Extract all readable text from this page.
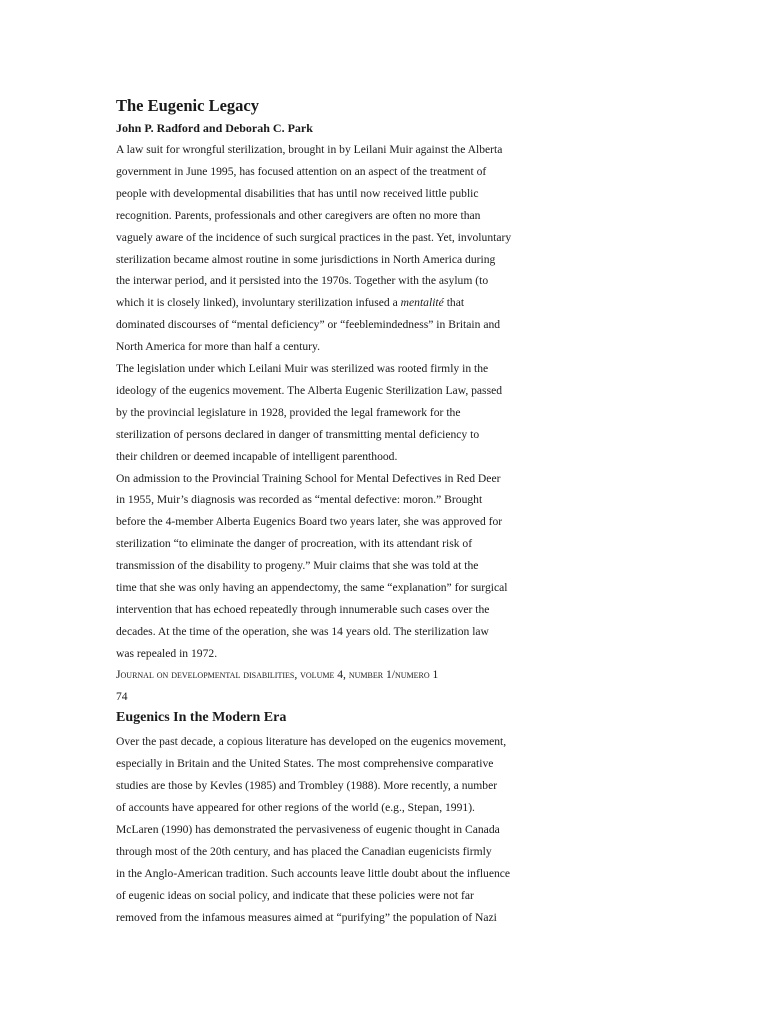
The Eugenic Legacy
John P. Radford and Deborah C. Park
A law suit for wrongful sterilization, brought in by Leilani Muir against the Alberta
government in June 1995, has focused attention on an aspect of the treatment of
people with developmental disabilities that has until now received little public
recognition. Parents, professionals and other caregivers are often no more than
vaguely aware of the incidence of such surgical practices in the past. Yet, involuntary
sterilization became almost routine in some jurisdictions in North America during
the interwar period, and it persisted into the 1970s. Together with the asylum (to
which it is closely linked), involuntary sterilization infused a mentalité that
dominated discourses of “mental deficiency” or “feeblemindedness” in Britain and
North America for more than half a century.
The legislation under which Leilani Muir was sterilized was rooted firmly in the
ideology of the eugenics movement. The Alberta Eugenic Sterilization Law, passed
by the provincial legislature in 1928, provided the legal framework for the
sterilization of persons declared in danger of transmitting mental deficiency to
their children or deemed incapable of intelligent parenthood.
On admission to the Provincial Training School for Mental Defectives in Red Deer
in 1955, Muir’s diagnosis was recorded as “mental defective: moron.” Brought
before the 4-member Alberta Eugenics Board two years later, she was approved for
sterilization “to eliminate the danger of procreation, with its attendant risk of
transmission of the disability to progeny.” Muir claims that she was told at the
time that she was only having an appendectomy, the same “explanation” for surgical
intervention that has echoed repeatedly through innumerable such cases over the
decades. At the time of the operation, she was 14 years old. The sterilization law
was repealed in 1972.
Journal on developmental disabilities, volume 4, number 1/numero 1
74
Eugenics In the Modern Era
Over the past decade, a copious literature has developed on the eugenics movement,
especially in Britain and the United States. The most comprehensive comparative
studies are those by Kevles (1985) and Trombley (1988). More recently, a number
of accounts have appeared for other regions of the world (e.g., Stepan, 1991).
McLaren (1990) has demonstrated the pervasiveness of eugenic thought in Canada
through most of the 20th century, and has placed the Canadian eugenicists firmly
in the Anglo-American tradition. Such accounts leave little doubt about the influence
of eugenic ideas on social policy, and indicate that these policies were not far
removed from the infamous measures aimed at “purifying” the population of Nazi
